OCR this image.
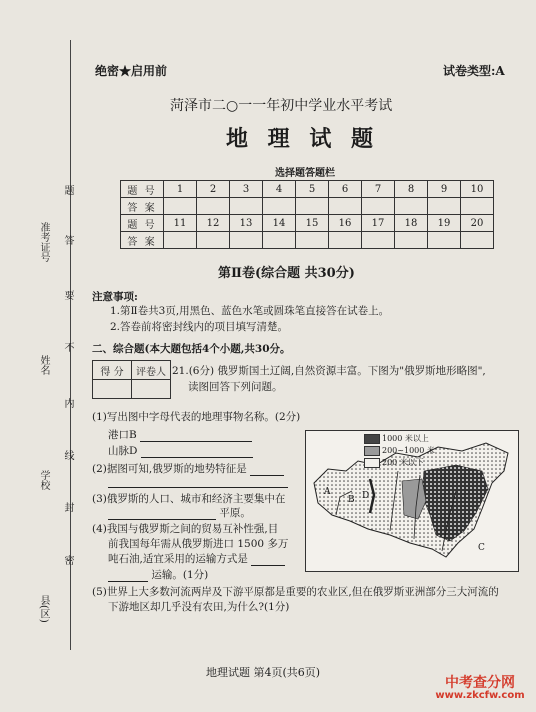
准考证号
姓名
学校
县(区)
题
答
要
不
内
线
封
密
绝密★启用前	试卷类型:A
菏泽市二○一一年初中学业水平考试
地 理 试 题
选择题答题栏
题 号	1	2	3	4	5	6	7	8	9	10
答 案										
题 号	11	12	13	14	15	16	17	18	19	20
答 案										
第Ⅱ卷(综合题 共30分)
注意事项:
1.第Ⅱ卷共3页,用黑色、蓝色水笔或圆珠笔直接答在试卷上。
2.答卷前将密封线内的项目填写清楚。
二、综合题(本大题包括4个小题,共30分。
得 分	评卷人
	21.(6分) 俄罗斯国土辽阔,自然资源丰富。下图为"俄罗斯地形略图",
读图回答下列问题。
(1)写出图中字母代表的地理事物名称。(2分)
港口B
山脉D
(2)据图可知,俄罗斯的地势特征是
(3)俄罗斯的人口、城市和经济主要集中在
平原。
(4)我国与俄罗斯之间的贸易互补性强,目
前我国每年需从俄罗斯进口 1500 多万
吨石油,适宜采用的运输方式是
运输。(1分)
(5)世界上大多数河流两岸及下游平原都是重要的农业区,但在俄罗斯亚洲部分三大河流的
下游地区却几乎没有农田,为什么?(1分)
1000 米以上
200~1000 米
200 米以下
A
B
C
D
地理试题 第4页(共6页)
中考查分网
www.zkcfw.com
